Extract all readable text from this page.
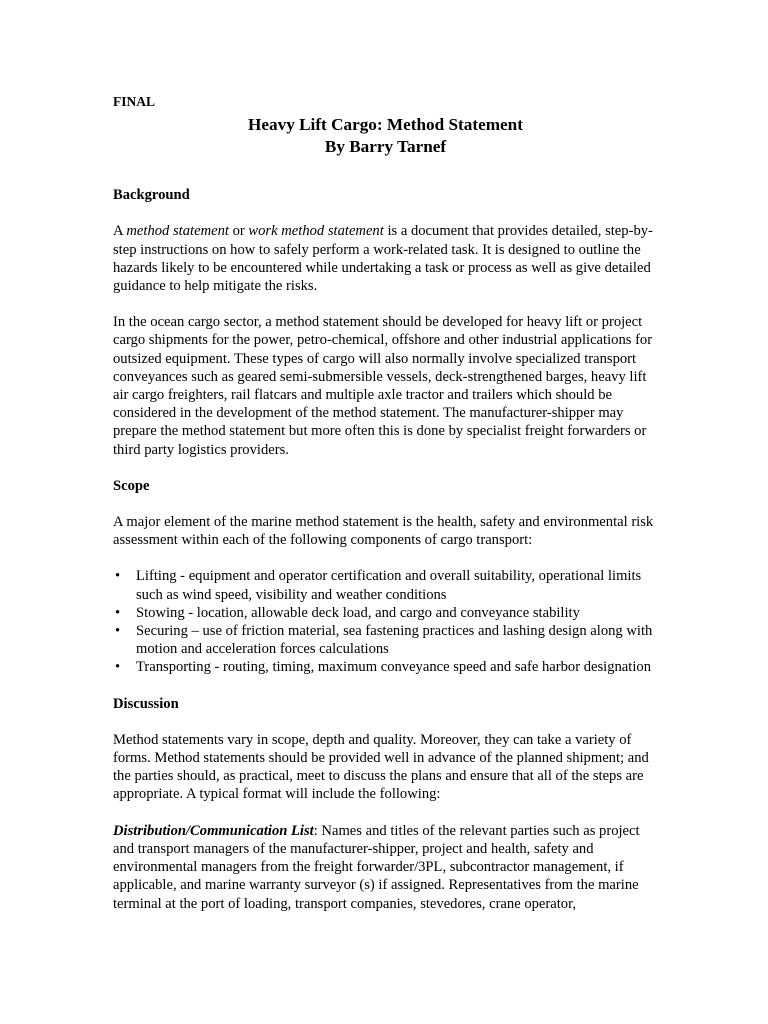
FINAL

Heavy Lift Cargo: Method Statement
By Barry Tarnef
Background

A method statement or work method statement is a document that provides detailed, step-by-step instructions on how to safely perform a work-related task. It is designed to outline the hazards likely to be encountered while undertaking a task or process as well as give detailed guidance to help mitigate the risks.

In the ocean cargo sector, a method statement should be developed for heavy lift or project cargo shipments for the power, petro-chemical, offshore and other industrial applications for outsized equipment. These types of cargo will also normally involve specialized transport conveyances such as geared semi-submersible vessels, deck-strengthened barges, heavy lift air cargo freighters, rail flatcars and multiple axle tractor and trailers which should be considered in the development of the method statement. The manufacturer-shipper may prepare the method statement but more often this is done by specialist freight forwarders or third party logistics providers.

Scope

A major element of the marine method statement is the health, safety and environmental risk assessment within each of the following components of cargo transport:

• Lifting - equipment and operator certification and overall suitability, operational limits such as wind speed, visibility and weather conditions
• Stowing - location, allowable deck load, and cargo and conveyance stability
• Securing – use of friction material, sea fastening practices and lashing design along with motion and acceleration forces calculations
• Transporting - routing, timing, maximum conveyance speed and safe harbor designation
Discussion

Method statements vary in scope, depth and quality. Moreover, they can take a variety of forms. Method statements should be provided well in advance of the planned shipment; and the parties should, as practical, meet to discuss the plans and ensure that all of the steps are appropriate. A typical format will include the following:

Distribution/Communication List: Names and titles of the relevant parties such as project and transport managers of the manufacturer-shipper, project and health, safety and environmental managers from the freight forwarder/3PL, subcontractor management, if applicable, and marine warranty surveyor (s) if assigned. Representatives from the marine terminal at the port of loading, transport companies, stevedores, crane operator,
